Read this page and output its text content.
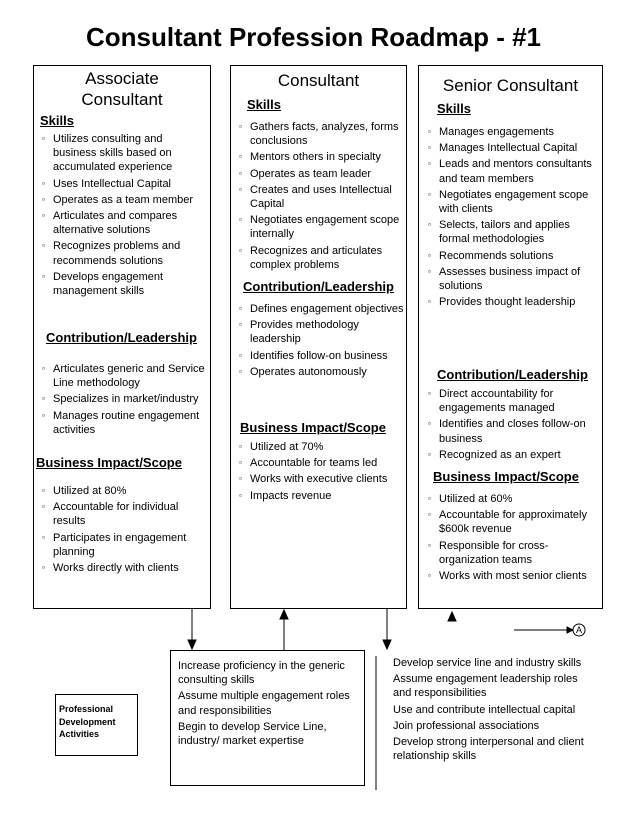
Consultant Profession Roadmap - #1
Associate Consultant

Skills

▫ Utilizes consulting and business skills based on accumulated experience
▫ Uses Intellectual Capital
▫ Operates as a team member
▫ Articulates and compares alternative solutions
▫ Recognizes problems and recommends solutions
▫ Develops engagement management skills

Contribution/Leadership

▫ Articulates generic and Service Line methodology
▫ Specializes in market/industry
▫ Manages routine engagement activities

Business Impact/Scope

▫ Utilized at 80%
▫ Accountable for individual results
▫ Participates in engagement planning
▫ Works directly with clients
Consultant

Skills

▫ Gathers facts, analyzes, forms conclusions
▫ Mentors others in specialty
▫ Operates as team leader
▫ Creates and uses Intellectual Capital
▫ Negotiates engagement scope internally
▫ Recognizes and articulates complex problems

Contribution/Leadership

▫ Defines engagement objectives
▫ Provides methodology leadership
▫ Identifies follow-on business
▫ Operates autonomously

Business Impact/Scope

▫ Utilized at 70%
▫ Accountable for teams led
▫ Works with executive clients
▫ Impacts revenue
Senior Consultant

Skills

▫ Manages engagements
▫ Manages Intellectual Capital
▫ Leads and mentors consultants and team members
▫ Negotiates engagement scope with clients
▫ Selects, tailors and applies formal methodologies
▫ Recommends solutions
▫ Assesses business impact of solutions
▫ Provides thought leadership

Contribution/Leadership

▫ Direct accountability for engagements managed
▫ Identifies and closes follow-on business
▫ Recognized as an expert

Business Impact/Scope

▫ Utilized at 60%
▫ Accountable for approximately $600k revenue
▫ Responsible for cross-organization teams
▫ Works with most senior clients
A
Professional Development Activities
Increase proficiency in the generic consulting skills
Assume multiple engagement roles and responsibilities
Begin to develop Service Line, industry/ market expertise
Develop service line and industry skills
Assume engagement leadership roles and responsibilities
Use and contribute intellectual capital
Join professional associations
Develop strong interpersonal and client relationship skills
